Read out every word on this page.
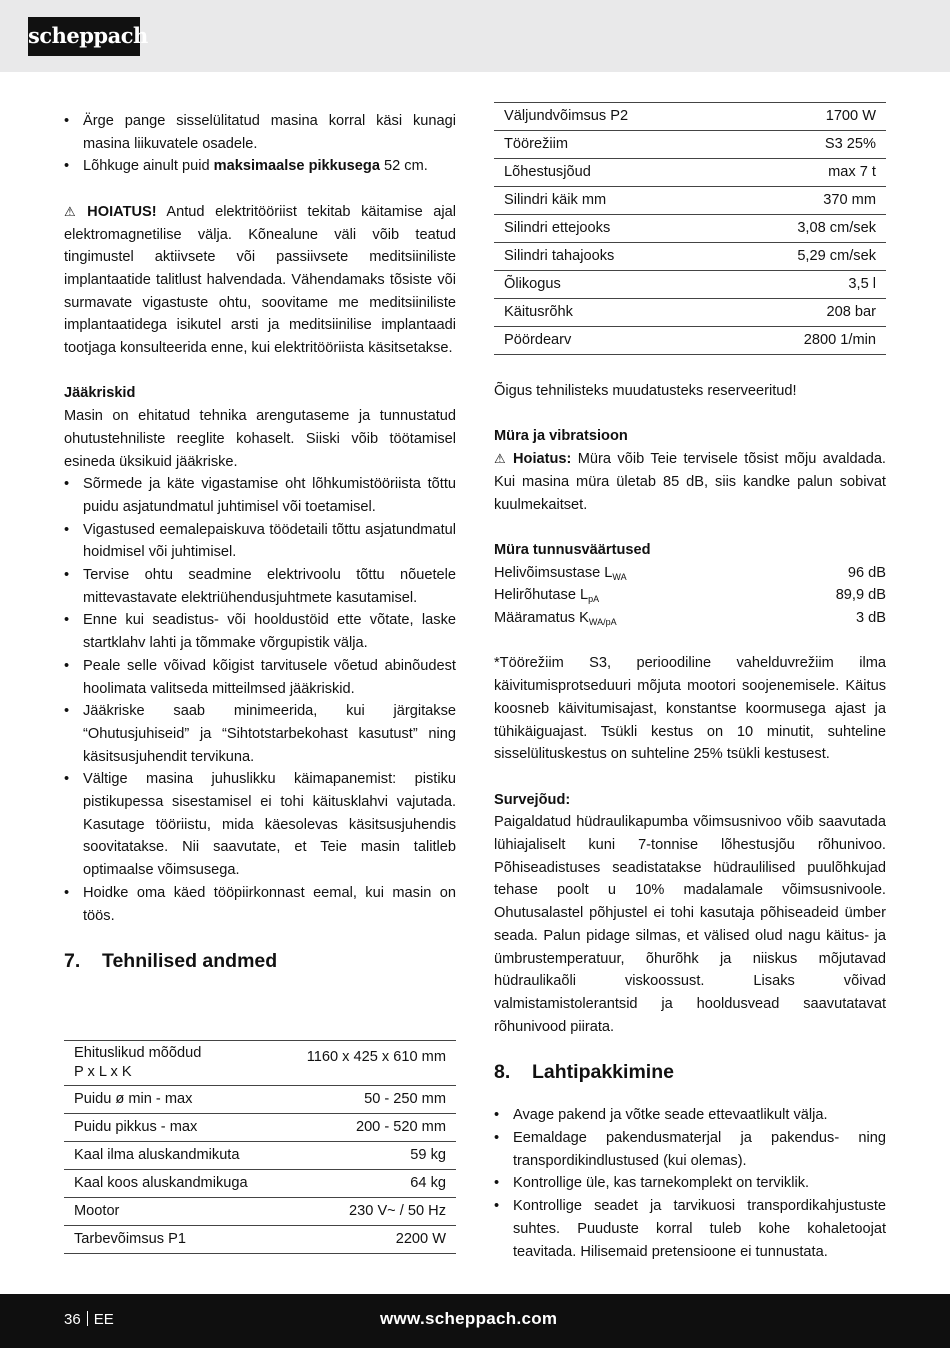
scheppach
• Ärge pange sisselülitatud masina korral käsi kunagi masina liikuvatele osadele.
• Lõhkuge ainult puid maksimaalse pikkusega 52 cm.
⚠ HOIATUS! Antud elektritööriist tekitab käitamise ajal elektromagnetilise välja. Kõnealune väli võib teatud tingimustel aktiivsete või passiivsete meditsiiniliste implantaatide talitlust halvendada. Vähendamaks tõsiste või surmavate vigastuste ohtu, soovitame me meditsiiniliste implantaatidega isikutel arsti ja meditsiinilise implantaadi tootjaga konsulteerida enne, kui elektritööriista käsitsetakse.
Jääkriskid
Masin on ehitatud tehnika arengutaseme ja tunnustatud ohutustehniliste reeglite kohaselt. Siiski võib töötamisel esineda üksikuid jääkriske.
• Sõrmede ja käte vigastamise oht lõhkumistööriista tõttu puidu asjatundmatul juhtimisel või toetamisel.
• Vigastused eemalepaiskuva töödetaili tõttu asjatundmatul hoidmisel või juhtimisel.
• Tervise ohtu seadmine elektrivoolu tõttu nõuetele mittevastavate elektriühendusjuhtmete kasutamisel.
• Enne kui seadistus- või hooldustöid ette võtate, laske startklahv lahti ja tõmmake võrgupistik välja.
• Peale selle võivad kõigist tarvitusele võetud abinõudest hoolimata valitseda mitteilmsed jääkriskid.
• Jääkriske saab minimeerida, kui järgitakse “Ohutusjuhiseid” ja “Sihtotstarbekohast kasutust” ning käsitsusjuhendit tervikuna.
• Vältige masina juhuslikku käimapanemist: pistiku pistikupessa sisestamisel ei tohi käitusklahvi vajutada. Kasutage tööriistu, mida käesolevas käsitsusjuhendis soovitatakse. Nii saavutate, et Teie masin talitleb optimaalse võimsusega.
• Hoidke oma käed tööpiirkonnast eemal, kui masin on töös.
7. Tehnilised andmed
Ehituslikud mõõdud
P x L x K	1160 x 425 x 610 mm
Puidu ø min - max	50 - 250 mm
Puidu pikkus - max	200 - 520 mm
Kaal ilma aluskandmikuta	59 kg
Kaal koos aluskandmikuga	64 kg
Mootor	230 V~ / 50 Hz
Tarbevõimsus P1	2200 W
Väljundvõimsus P2	1700 W
Töörežiim	S3 25%
Lõhestusjõud	max 7 t
Silindri käik mm	370 mm
Silindri ettejooks	3,08 cm/sek
Silindri tahajooks	5,29 cm/sek
Õlikogus	3,5 l
Käitusrõhk	208 bar
Pöördearv	2800 1/min
Õigus tehnilisteks muudatusteks reserveeritud!
Müra ja vibratsioon
⚠ Hoiatus: Müra võib Teie tervisele tõsist mõju avaldada. Kui masina müra ületab 85 dB, siis kandke palun sobivat kuulmekaitset.
Müra tunnusväärtused
Helivõimsustase $L_{WA}$	96 dB
Helirõhutase $L_{pA}$	89,9 dB
Määramatus $K_{WA/pA}$	3 dB
*Töörežiim S3, perioodiline vahelduvrežiim ilma käivitumisprotseduuri mõjuta mootori soojenemisele. Käitus koosneb käivitumisajast, konstantse koormusega ajast ja tühikäiguajast. Tsükli kestus on 10 minutit, suhteline sisselülituskestus on suhteline 25% tsükli kestusest.
Survejõud:
Paigaldatud hüdraulikapumba võimsusnivoo võib saavutada lühiajaliselt kuni 7-tonnise lõhestusjõu rõhunivoo. Põhiseadistuses seadistatakse hüdraulilised puulõhkujad tehase poolt u 10% madalamale võimsusnivoole. Ohutusalastel põhjustel ei tohi kasutaja põhiseadeid ümber seada. Palun pidage silmas, et välised olud nagu käitus- ja ümbrustemperatuur, õhurõhk ja niiskus mõjutavad hüdraulikaõli viskoossust. Lisaks võivad valmistamistolerantsid ja hooldusvead saavutatavat rõhunivood piirata.
8. Lahtipakkimine
• Avage pakend ja võtke seade ettevaatlikult välja.
• Eemaldage pakendusmaterjal ja pakendus- ning transpordikindlustused (kui olemas).
• Kontrollige üle, kas tarnekomplekt on terviklik.
• Kontrollige seadet ja tarvikuosi transpordikahjustuste suhtes. Puuduste korral tuleb kohe kohaletoojat teavitada. Hilisemaid pretensioone ei tunnustata.
36 EE	www.scheppach.com
